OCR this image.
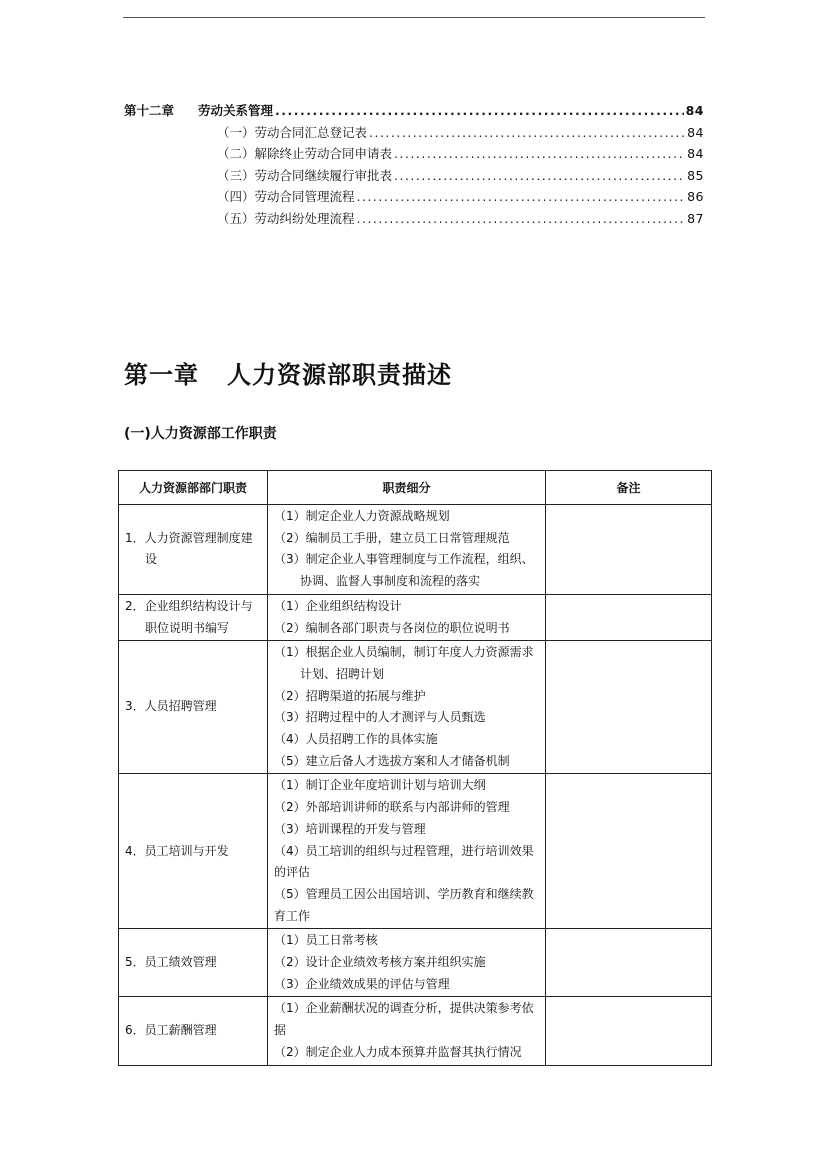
第十二章	劳动关系管理 .....	84
（一）劳动合同汇总登记表 .....	84
（二）解除终止劳动合同申请表 .....	84
（三）劳动合同继续履行审批表 .....	85
（四）劳动合同管理流程 .....	86
（五）劳动纠纷处理流程 .....	87
第一章 人力资源部职责描述
(一)人力资源部工作职责
人力资源部部门职责	职责细分	备注

1．人力资源管理制度建设	（1）制定企业人力资源战略规划
（2）编制员工手册，建立员工日常管理规范
（3）制定企业人事管理制度与工作流程，组织、协调、监督人事制度和流程的落实	

2．企业组织结构设计与职位说明书编写	（1）企业组织结构设计
（2）编制各部门职责与各岗位的职位说明书	

3．人员招聘管理	（1）根据企业人员编制，制订年度人力资源需求计划、招聘计划
（2）招聘渠道的拓展与维护
（3）招聘过程中的人才测评与人员甄选
（4）人员招聘工作的具体实施
（5）建立后备人才选拔方案和人才储备机制	

4．员工培训与开发	（1）制订企业年度培训计划与培训大纲
（2）外部培训讲师的联系与内部讲师的管理
（3）培训课程的开发与管理
（4）员工培训的组织与过程管理，进行培训效果的评估
（5）管理员工因公出国培训、学历教育和继续教育工作	

5．员工绩效管理	（1）员工日常考核
（2）设计企业绩效考核方案并组织实施
（3）企业绩效成果的评估与管理	

6．员工薪酬管理	（1）企业薪酬状况的调查分析，提供决策参考依据
（2）制定企业人力成本预算并监督其执行情况	
